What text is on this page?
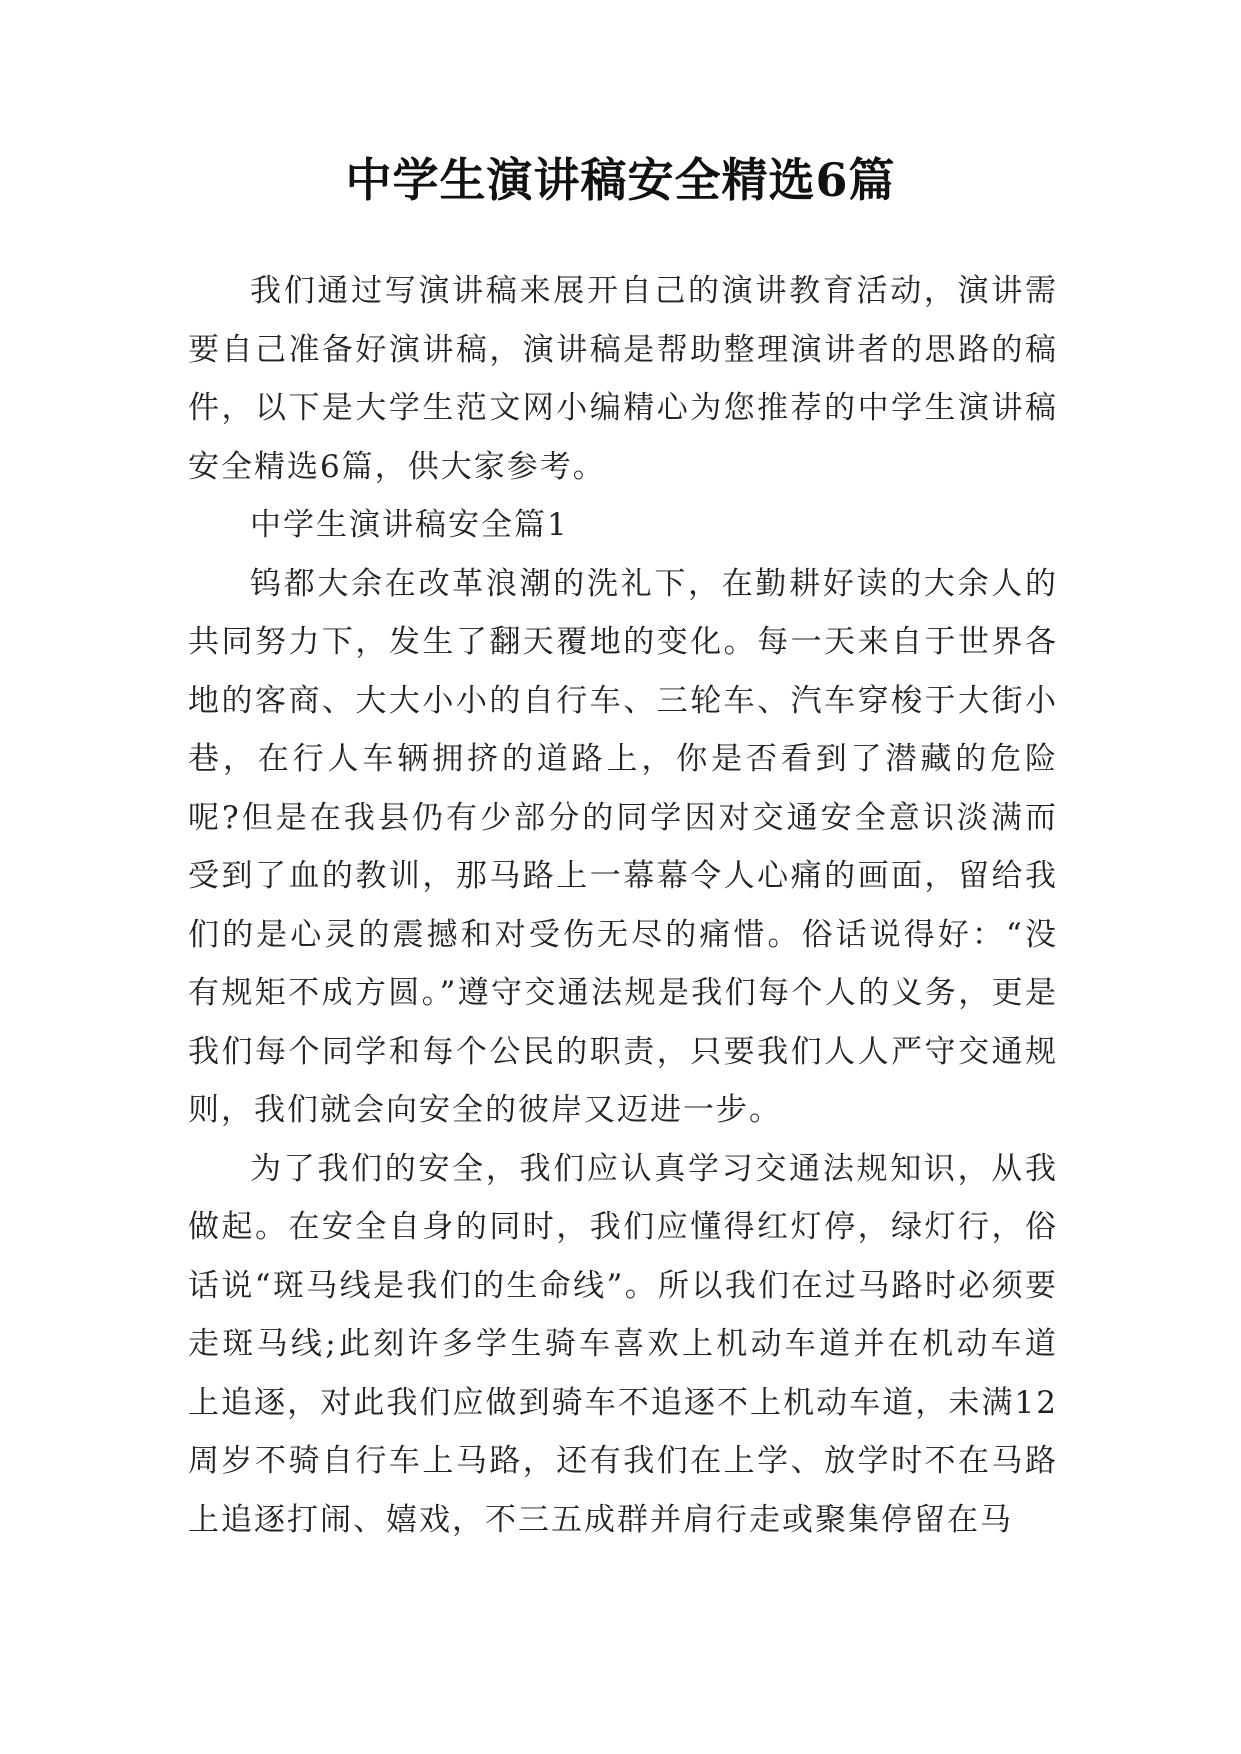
中学生演讲稿安全精选6篇

我们通过写演讲稿来展开自己的演讲教育活动，演讲需要自己准备好演讲稿，演讲稿是帮助整理演讲者的思路的稿件，以下是大学生范文网小编精心为您推荐的中学生演讲稿安全精选6篇，供大家参考。

中学生演讲稿安全篇1

钨都大余在改革浪潮的洗礼下，在勤耕好读的大余人的共同努力下，发生了翻天覆地的变化。每一天来自于世界各地的客商、大大小小的自行车、三轮车、汽车穿梭于大街小巷，在行人车辆拥挤的道路上，你是否看到了潜藏的危险呢?但是在我县仍有少部分的同学因对交通安全意识淡满而受到了血的教训，那马路上一幕幕令人心痛的画面，留给我们的是心灵的震撼和对受伤无尽的痛惜。俗话说得好：“没有规矩不成方圆。”遵守交通法规是我们每个人的义务，更是我们每个同学和每个公民的职责，只要我们人人严守交通规则，我们就会向安全的彼岸又迈进一步。

为了我们的安全，我们应认真学习交通法规知识，从我做起。在安全自身的同时，我们应懂得红灯停，绿灯行，俗话说“斑马线是我们的生命线”。所以我们在过马路时必须要走斑马线;此刻许多学生骑车喜欢上机动车道并在机动车道上追逐，对此我们应做到骑车不追逐不上机动车道，未满12周岁不骑自行车上马路，还有我们在上学、放学时不在马路上追逐打闹、嬉戏，不三五成群并肩行走或聚集停留在马
